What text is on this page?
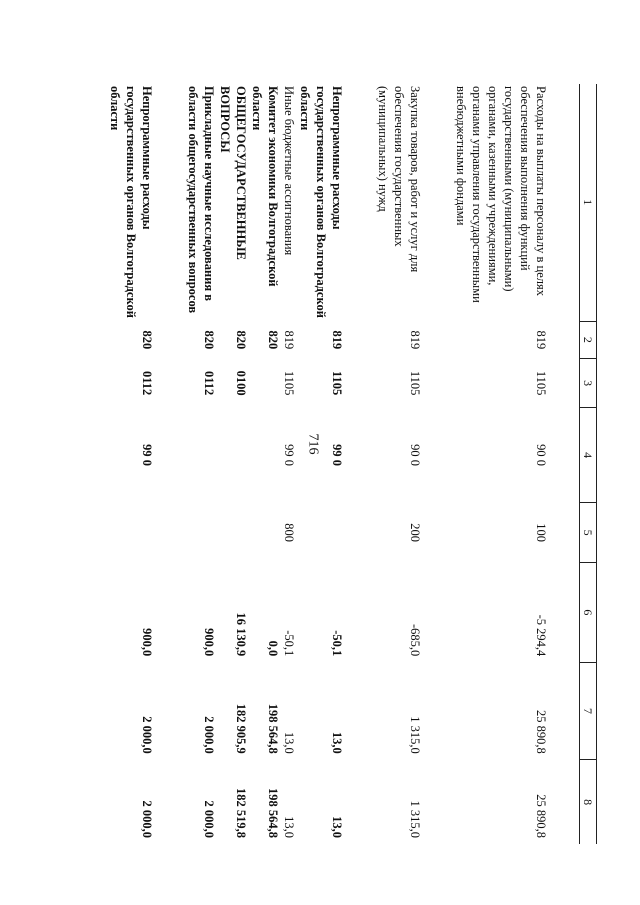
716
1	2	3	4	5	6	7	8

Расходы на выплаты персоналу в целях обеспечения выполнения функций государственными (муниципальными) органами, казенными учреждениями, органами управления государственными внебюджетными фондами	819	1105	90 0	100	-5 294,4	25 890,8	25 890,8

Закупка товаров, работ и услуг для обеспечения государственных (муниципальных) нужд	819	1105	90 0	200	-685,0	1 315,0	1 315,0

Непрограммные расходы государственных органов Волгоградской области	819	1105	99 0		-50,1	13,0	13,0
Иные бюджетные ассигнования	819	1105	99 0	800	-50,1	13,0	13,0
Комитет экономики Волгоградской области	820				0,0	198 564,8	198 564,8
ОБЩЕГОСУДАРСТВЕННЫЕ ВОПРОСЫ	820	0100			16 130,9	182 905,9	182 519,8
Прикладные научные исследования в области общегосударственных вопросов	820	0112			900,0	2 000,0	2 000,0

Непрограммные расходы государственных органов Волгоградской области	820	0112	99 0		900,0	2 000,0	2 000,0
